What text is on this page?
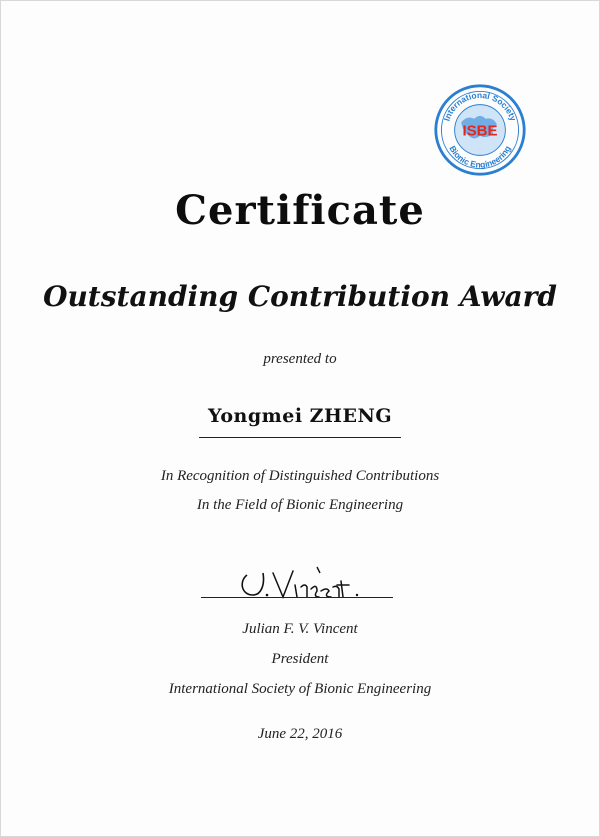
International Society
Bionic Engineering
ISBE
Certificate
Outstanding Contribution Award
presented to
Yongmei ZHENG
In Recognition of Distinguished Contributions
In the Field of Bionic Engineering
Julian F. V. Vincent
President
International Society of Bionic Engineering
June 22, 2016
